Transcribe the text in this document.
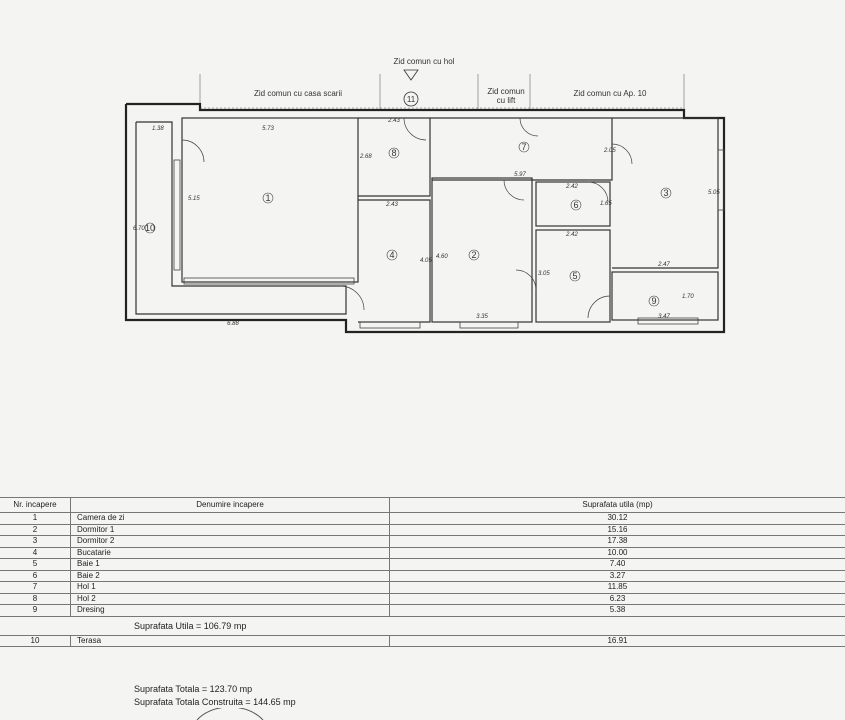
Zid comun cu casa scarii
Zid comun cu hol
Zid comun
cu lift
Zid comun cu Ap. 10
11
1
2
3
4
5
6
7
8
9
10
1.38	5.73
5.15
6.70
6.88
2.43
2.68
2.43
4.60
4.05
5.97
3.35
2.42
1.65
2.42
3.05
2.05
5.05
2.47
1.70
3.47
Nr. incapere	Denumire incapere	Suprafata utila (mp)
1	Camera de zi	30.12
2	Dormitor 1	15.16
3	Dormitor 2	17.38
4	Bucatarie	10.00
5	Baie 1	7.40
6	Baie 2	3.27
7	Hol 1	11.85
8	Hol 2	6.23
9	Dresing	5.38
Suprafata Utila = 106.79 mp		
10	Terasa	16.91
Suprafata Totala = 123.70 mp
Suprafata Totala Construita = 144.65 mp
